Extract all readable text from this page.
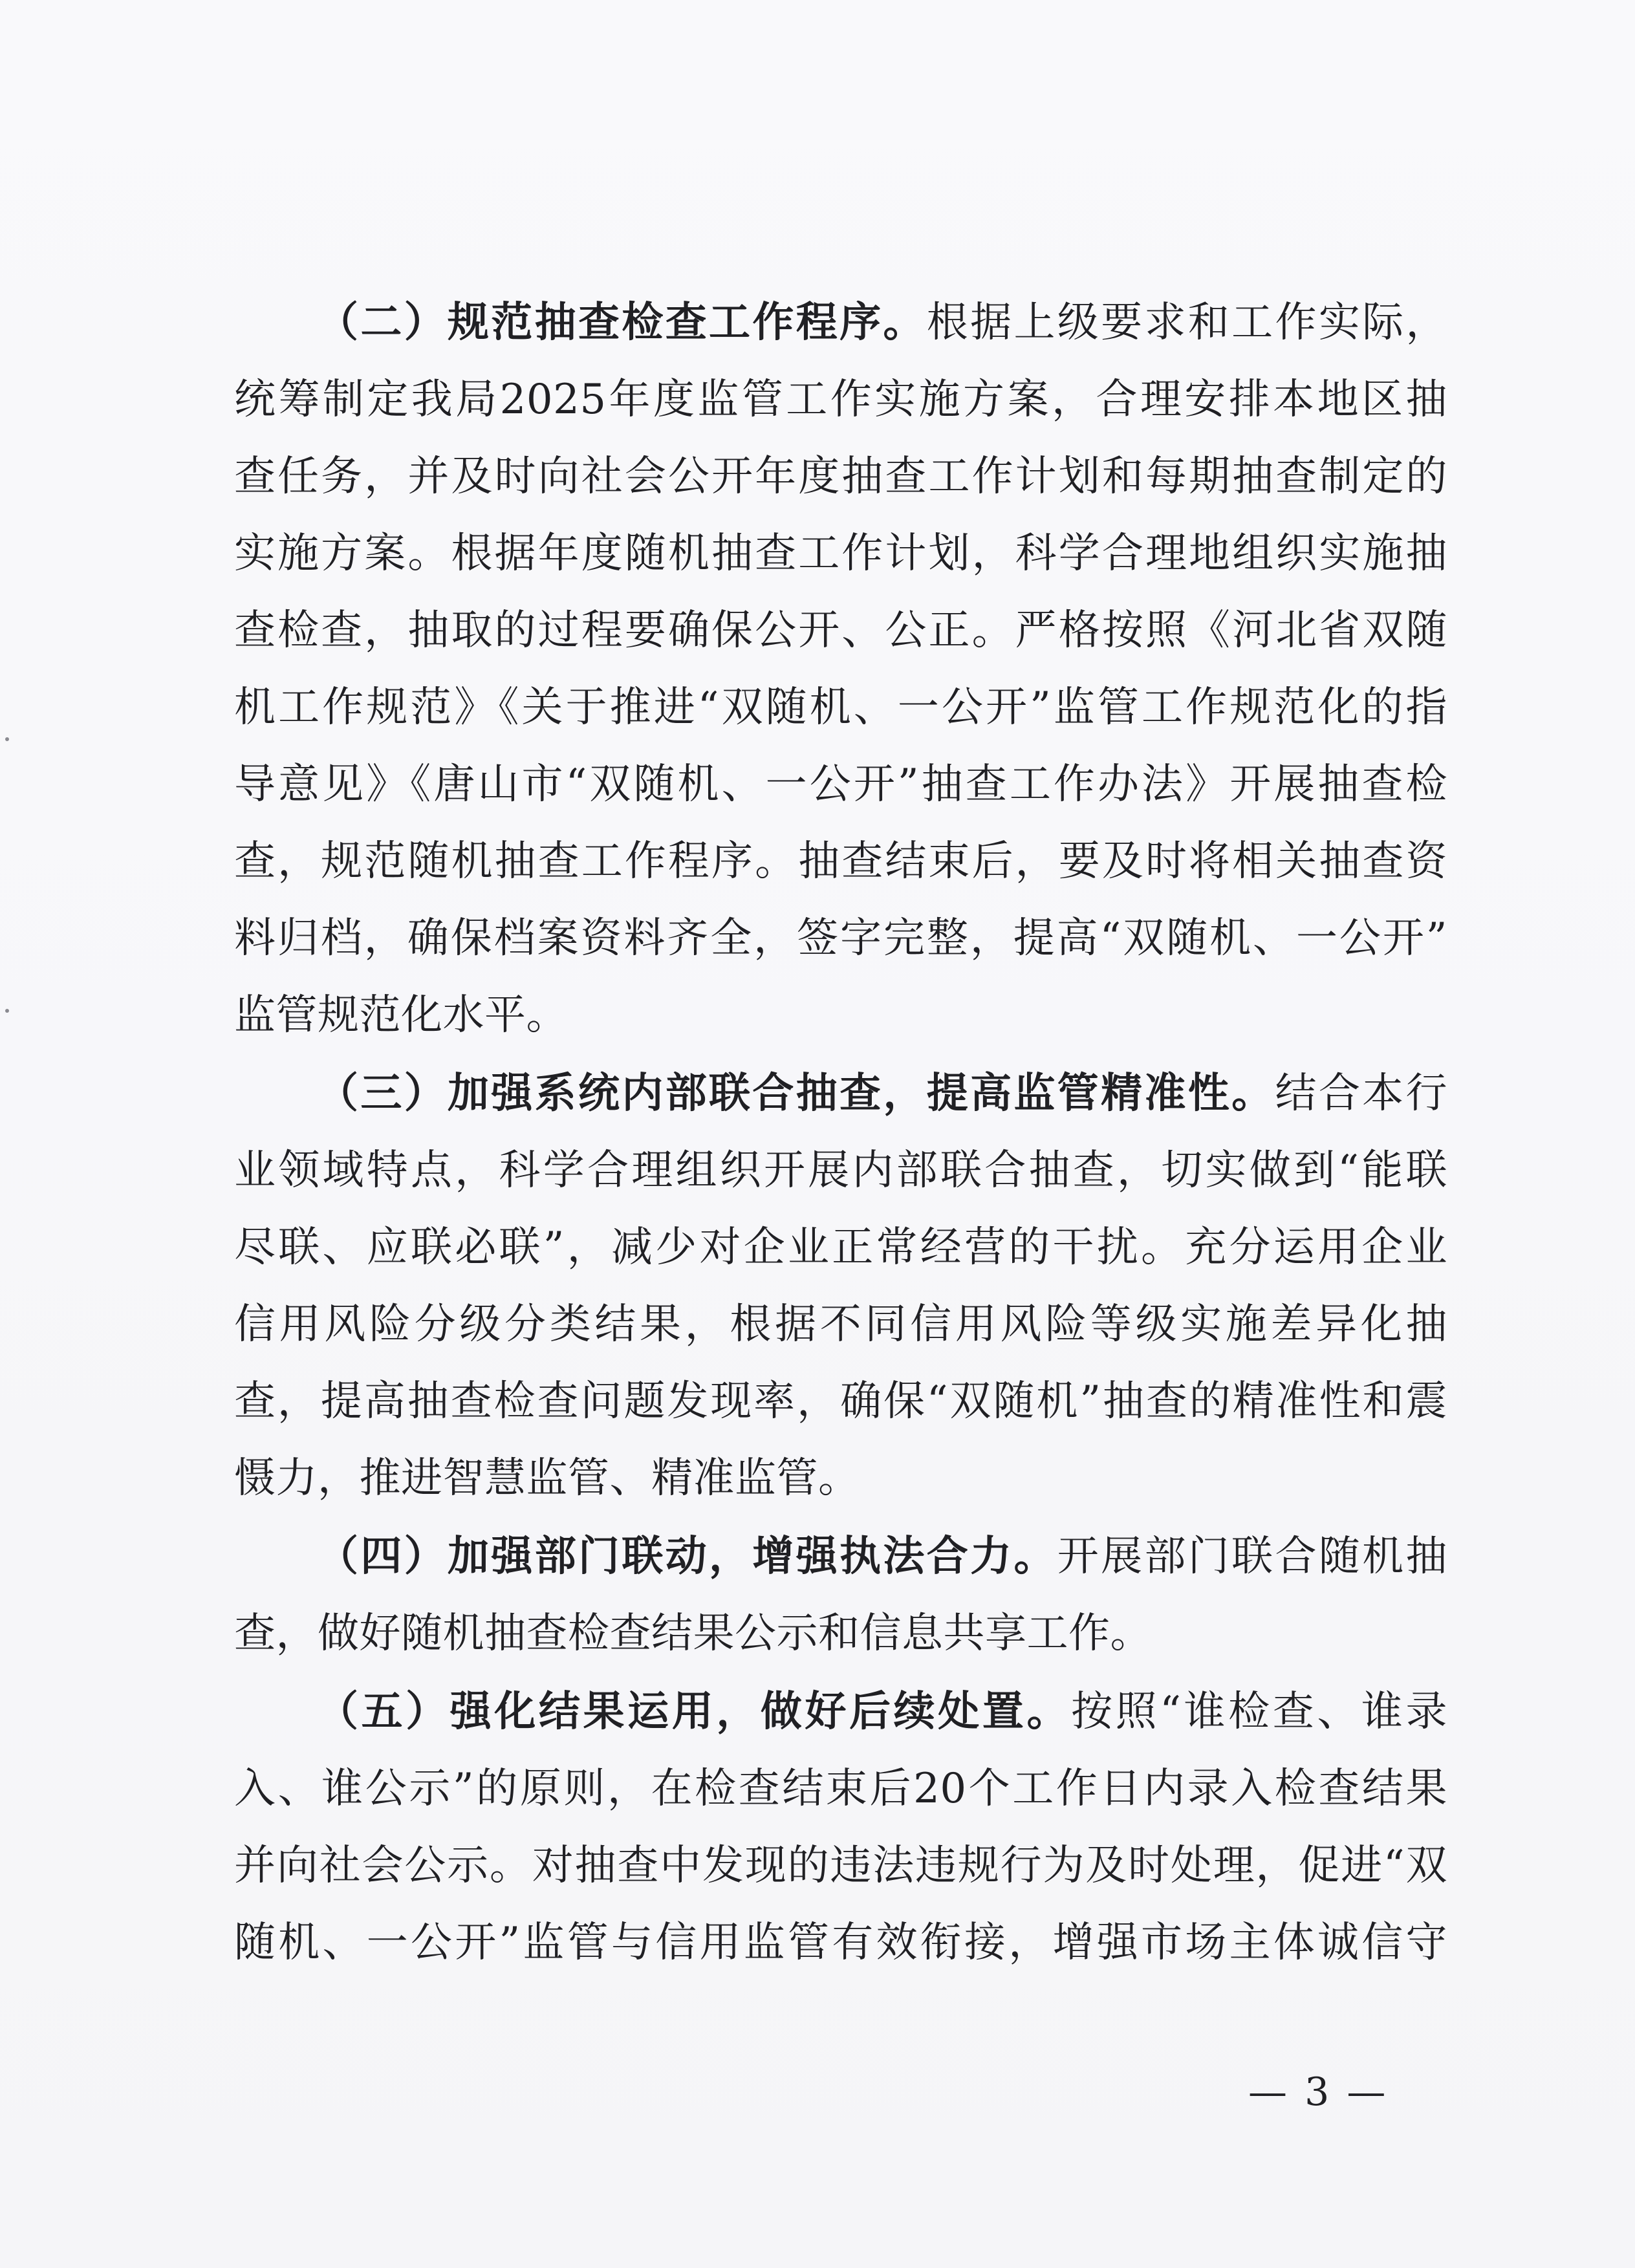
（二）规范抽查检查工作程序。根据上级要求和工作实际，
统筹制定我局2025年度监管工作实施方案，合理安排本地区抽
查任务，并及时向社会公开年度抽查工作计划和每期抽查制定的
实施方案。根据年度随机抽查工作计划，科学合理地组织实施抽
查检查，抽取的过程要确保公开、公正。严格按照《河北省双随
机工作规范》《关于推进“双随机、一公开”监管工作规范化的指
导意见》《唐山市“双随机、一公开”抽查工作办法》开展抽查检
查，规范随机抽查工作程序。抽查结束后，要及时将相关抽查资
料归档，确保档案资料齐全，签字完整，提高“双随机、一公开”
监管规范化水平。
（三）加强系统内部联合抽查，提高监管精准性。结合本行
业领域特点，科学合理组织开展内部联合抽查，切实做到“能联
尽联、应联必联”，减少对企业正常经营的干扰。充分运用企业
信用风险分级分类结果，根据不同信用风险等级实施差异化抽
查，提高抽查检查问题发现率，确保“双随机”抽查的精准性和震
慑力，推进智慧监管、精准监管。
（四）加强部门联动，增强执法合力。开展部门联合随机抽
查，做好随机抽查检查结果公示和信息共享工作。
（五）强化结果运用，做好后续处置。按照“谁检查、谁录
入、谁公示”的原则，在检查结束后20个工作日内录入检查结果
并向社会公示。对抽查中发现的违法违规行为及时处理，促进“双
随机、一公开”监管与信用监管有效衔接，增强市场主体诚信守
— 3 —
